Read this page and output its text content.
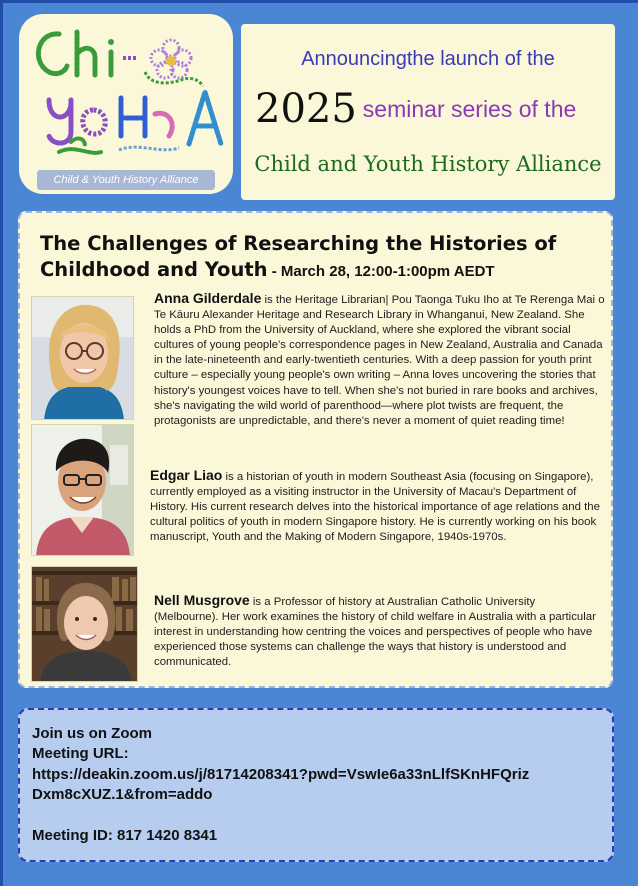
Child & Youth History Alliance
Announcingthe launch of the
2025 seminar series of the
Child and Youth History Alliance
The Challenges of Researching the Histories of
Childhood and Youth - March 28, 12:00-1:00pm AEDT
Anna Gilderdale is the Heritage Librarian| Pou Taonga Tuku Iho at Te Rerenga Mai o Te Kāuru Alexander Heritage and Research Library in Whanganui, New Zealand. She holds a PhD from the University of Auckland, where she explored the vibrant social cultures of young people's correspondence pages in New Zealand, Australia and Canada in the late-nineteenth and early-twentieth centuries. With a deep passion for youth print culture – especially young people's own writing – Anna loves uncovering the stories that history's youngest voices have to tell. When she's not buried in rare books and archives, she's navigating the wild world of parenthood—where plot twists are frequent, the protagonists are unpredictable, and there's never a moment of quiet reading time!
Edgar Liao is a historian of youth in modern Southeast Asia (focusing on Singapore), currently employed as a visiting instructor in the University of Macau's Department of History. His current research delves into the historical importance of age relations and the cultural politics of youth in modern Singapore history. He is currently working on his book manuscript, Youth and the Making of Modern Singapore, 1940s-1970s.
Nell Musgrove is a Professor of history at Australian Catholic University (Melbourne). Her work examines the history of child welfare in Australia with a particular interest in understanding how centring the voices and perspectives of people who have experienced those systems can challenge the ways that history is understood and communicated.
Join us on Zoom
Meeting URL:
https://deakin.zoom.us/j/81714208341?pwd=VswIe6a33nLlfSKnHFQriz
Dxm8cXUZ.1&from=addo
Meeting ID: 817 1420 8341
